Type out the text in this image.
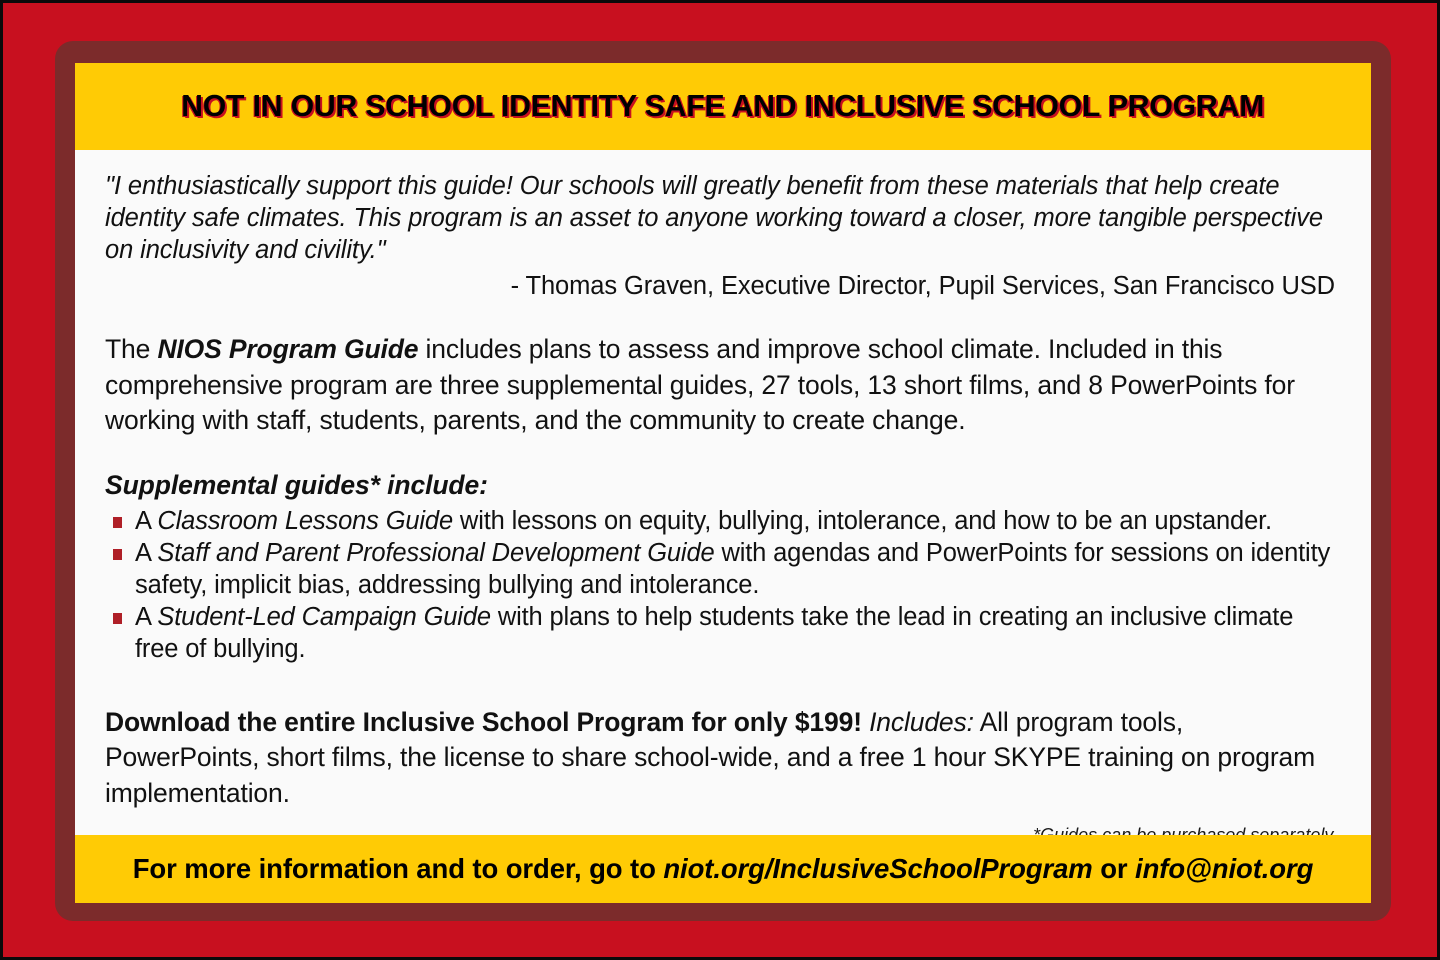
NOT IN OUR SCHOOL IDENTITY SAFE AND INCLUSIVE SCHOOL PROGRAM
"I enthusiastically support this guide! Our schools will greatly benefit from these materials that help create identity safe climates. This program is an asset to anyone working toward a closer, more tangible perspective on inclusivity and civility."
- Thomas Graven, Executive Director, Pupil Services, San Francisco USD
The NIOS Program Guide includes plans to assess and improve school climate. Included in this comprehensive program are three supplemental guides, 27 tools, 13 short films, and 8 PowerPoints for working with staff, students, parents, and the community to create change.
Supplemental guides* include:
A Classroom Lessons Guide with lessons on equity, bullying, intolerance, and how to be an upstander.
A Staff and Parent Professional Development Guide with agendas and PowerPoints for sessions on identity safety, implicit bias, addressing bullying and intolerance.
A Student-Led Campaign Guide with plans to help students take the lead in creating an inclusive climate free of bullying.
Download the entire Inclusive School Program for only $199! Includes: All program tools, PowerPoints, short films, the license to share school-wide, and a free 1 hour SKYPE training on program implementation.
For more information and to order, go to niot.org/InclusiveSchoolProgram or info@niot.org
